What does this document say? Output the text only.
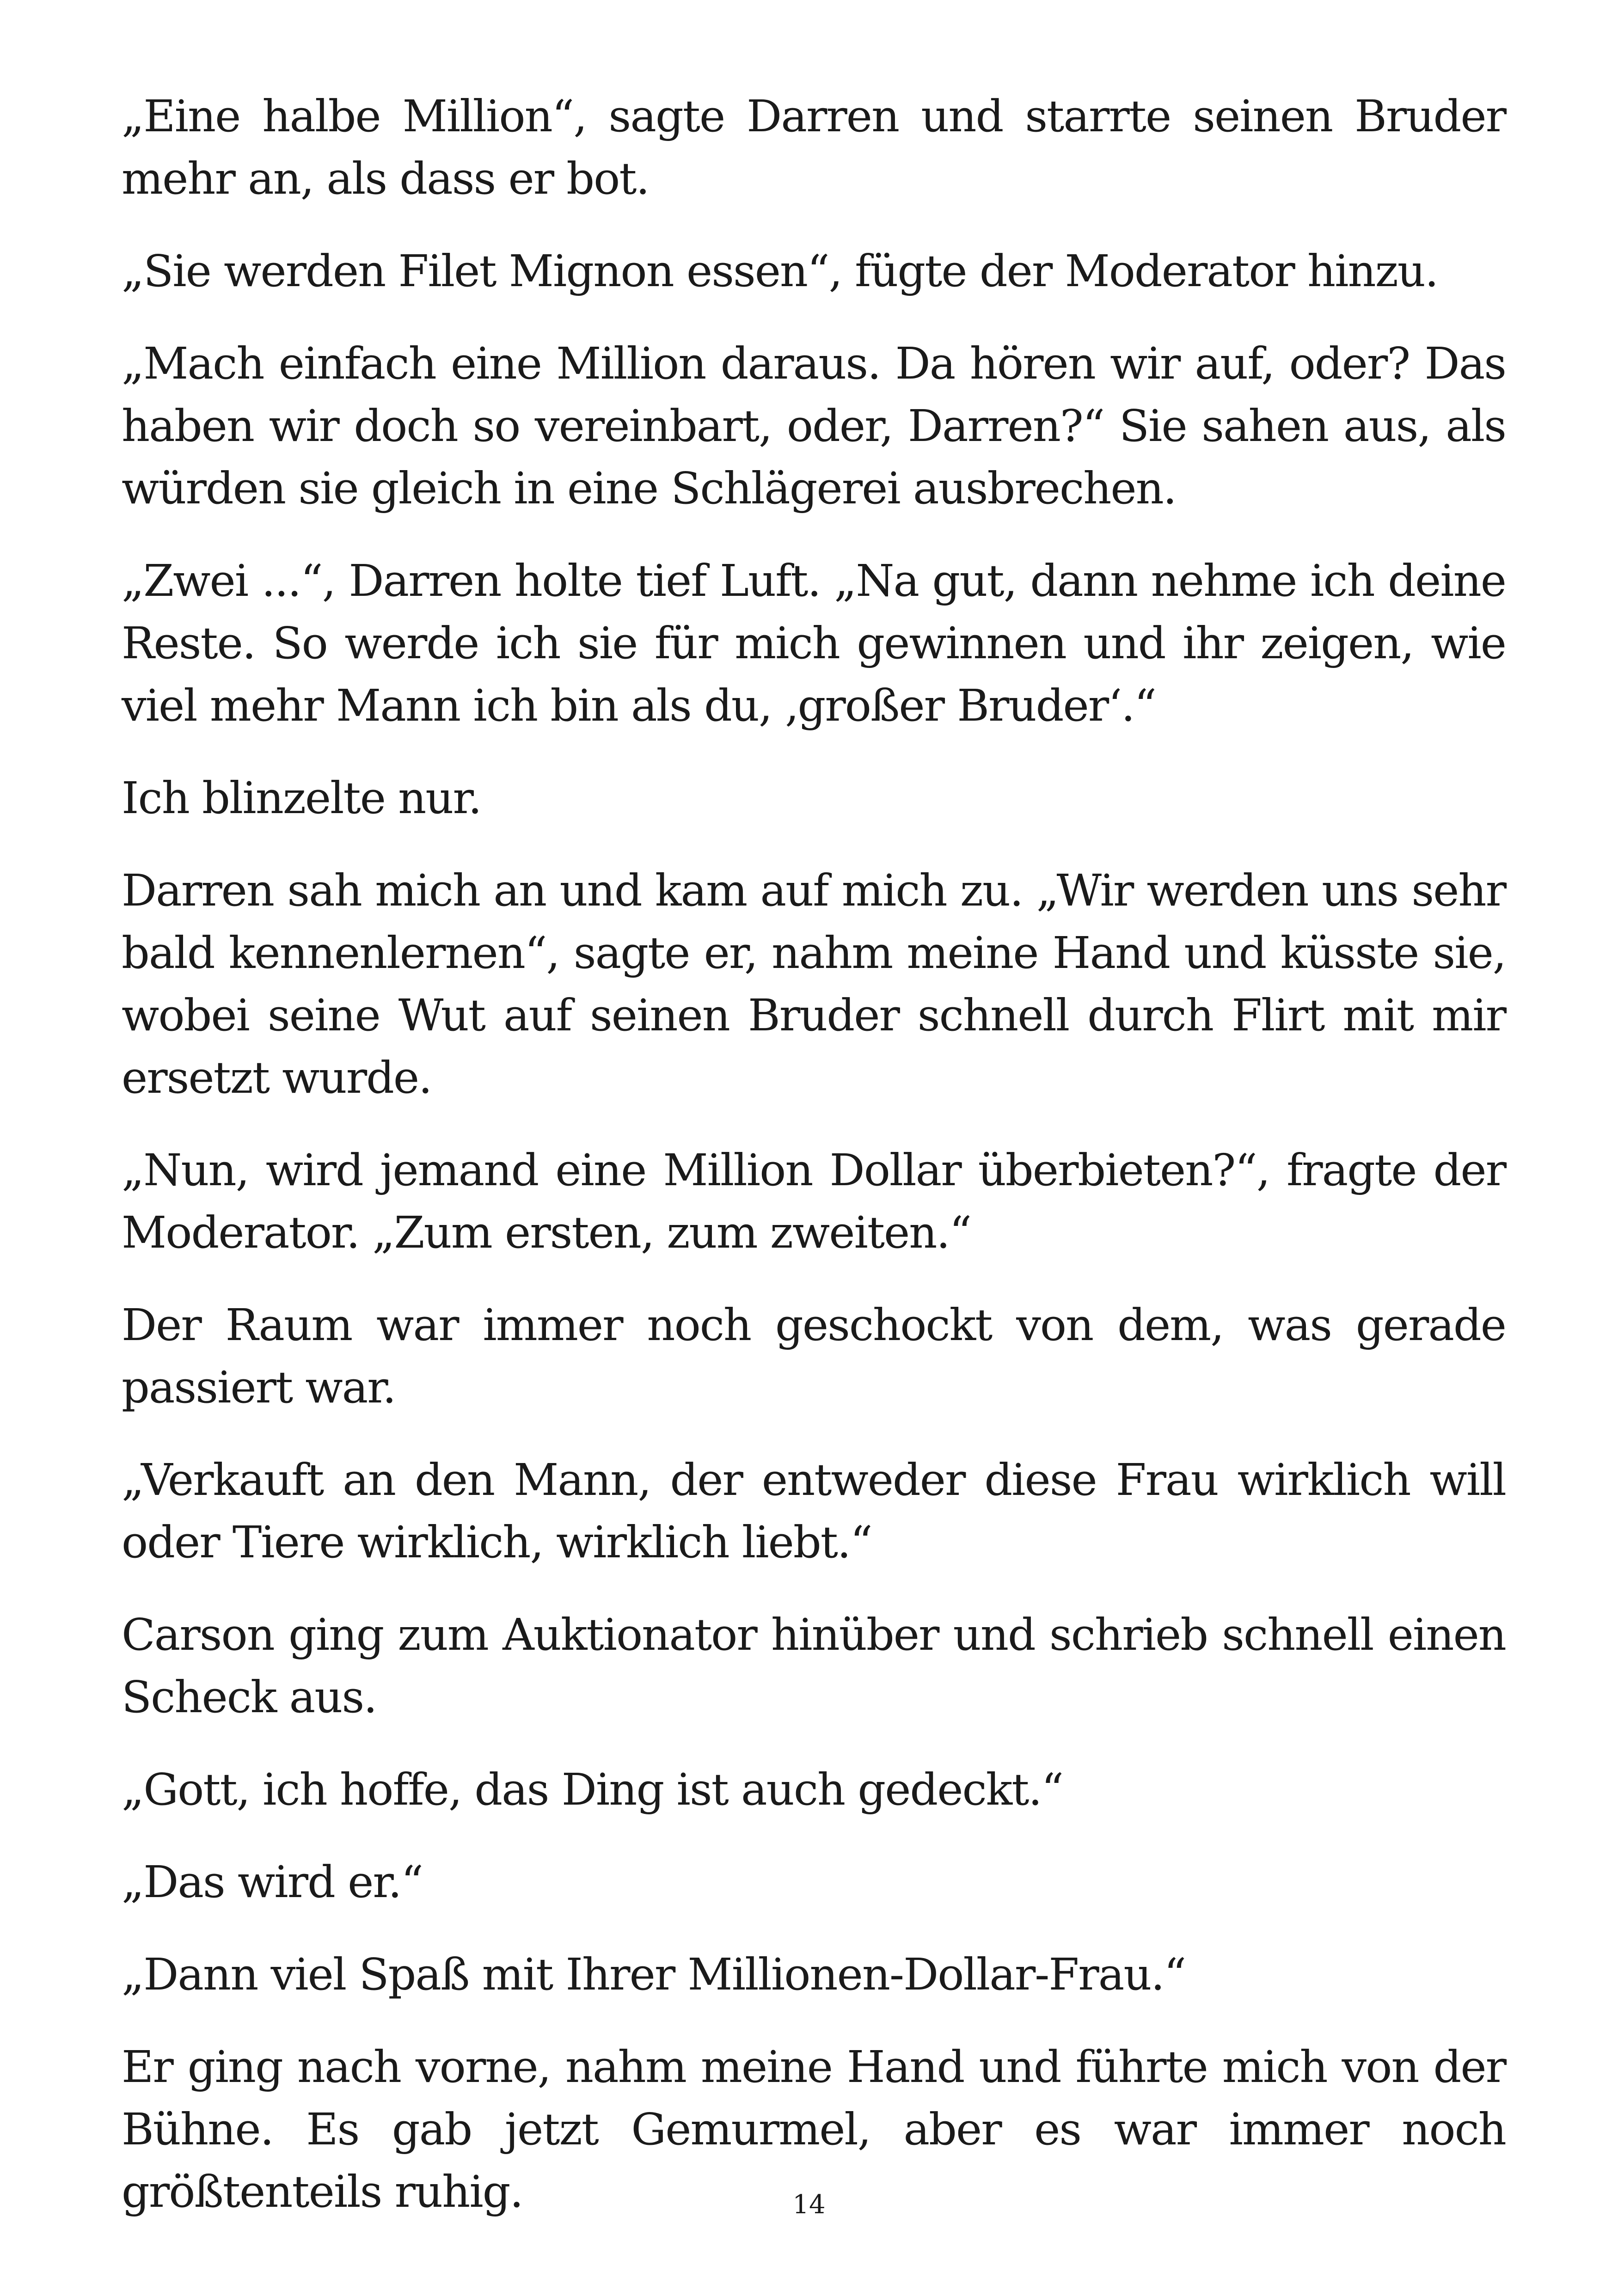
„Eine halbe Million“, sagte Darren und starrte seinen Bruder mehr an, als dass er bot.

„Sie werden Filet Mignon essen“, fügte der Moderator hinzu.

„Mach einfach eine Million daraus. Da hören wir auf, oder? Das haben wir doch so vereinbart, oder, Darren?“ Sie sahen aus, als würden sie gleich in eine Schlägerei ausbrechen.

„Zwei ...“, Darren holte tief Luft. „Na gut, dann nehme ich deine Reste. So werde ich sie für mich gewinnen und ihr zeigen, wie viel mehr Mann ich bin als du, ‚großer Bruder‘.“

Ich blinzelte nur.

Darren sah mich an und kam auf mich zu. „Wir werden uns sehr bald kennenlernen“, sagte er, nahm meine Hand und küsste sie, wobei seine Wut auf seinen Bruder schnell durch Flirt mit mir ersetzt wurde.

„Nun, wird jemand eine Million Dollar überbieten?“, fragte der Moderator. „Zum ersten, zum zweiten.“

Der Raum war immer noch geschockt von dem, was gerade passiert war.

„Verkauft an den Mann, der entweder diese Frau wirklich will oder Tiere wirklich, wirklich liebt.“

Carson ging zum Auktionator hinüber und schrieb schnell einen Scheck aus.

„Gott, ich hoffe, das Ding ist auch gedeckt.“

„Das wird er.“

„Dann viel Spaß mit Ihrer Millionen-Dollar-Frau.“

Er ging nach vorne, nahm meine Hand und führte mich von der Bühne. Es gab jetzt Gemurmel, aber es war immer noch größtenteils ruhig.	14
